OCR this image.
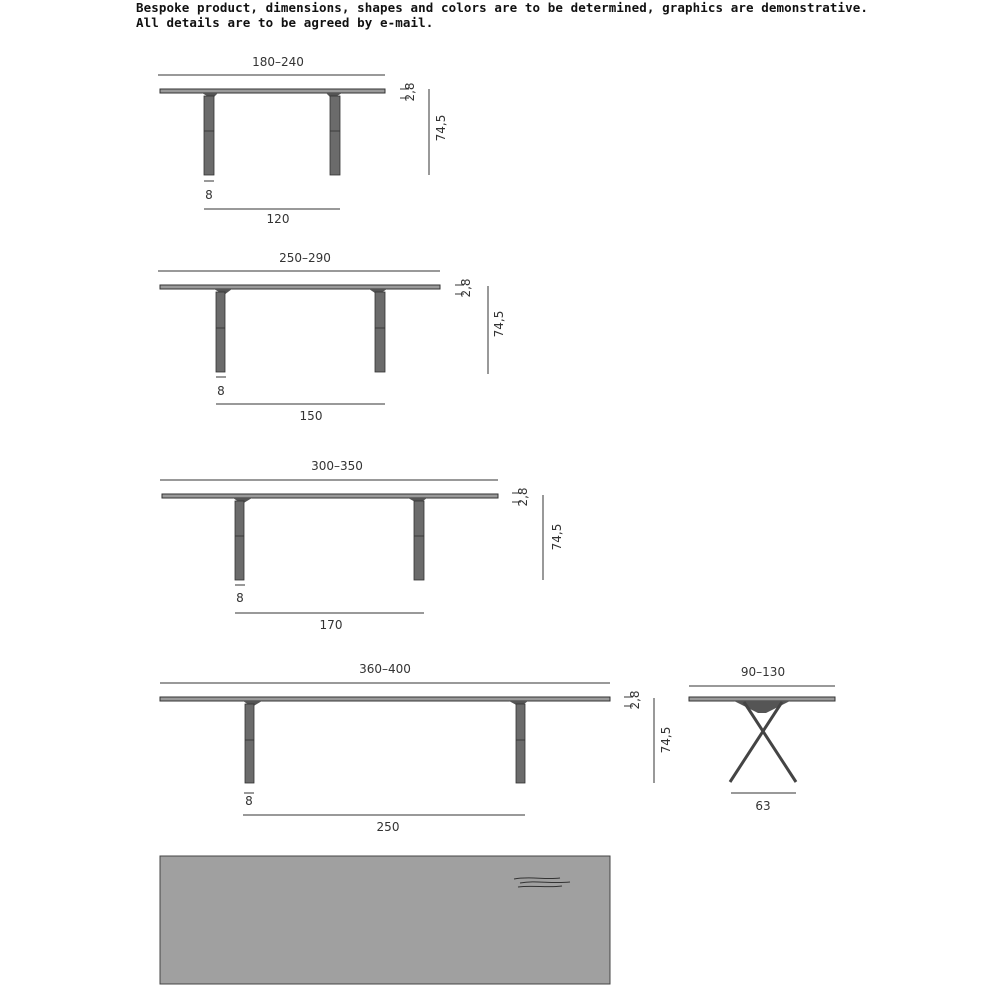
Bespoke product, dimensions, shapes and colors are to be determined, graphics are demonstrative.
All details are to be agreed by e-mail.
180–240
2,8
74,5
8
120
250–290
2,8
74,5
8
150
300–350
2,8
74,5
8
170
360–400
2,8
74,5
8
250
90–130
63
